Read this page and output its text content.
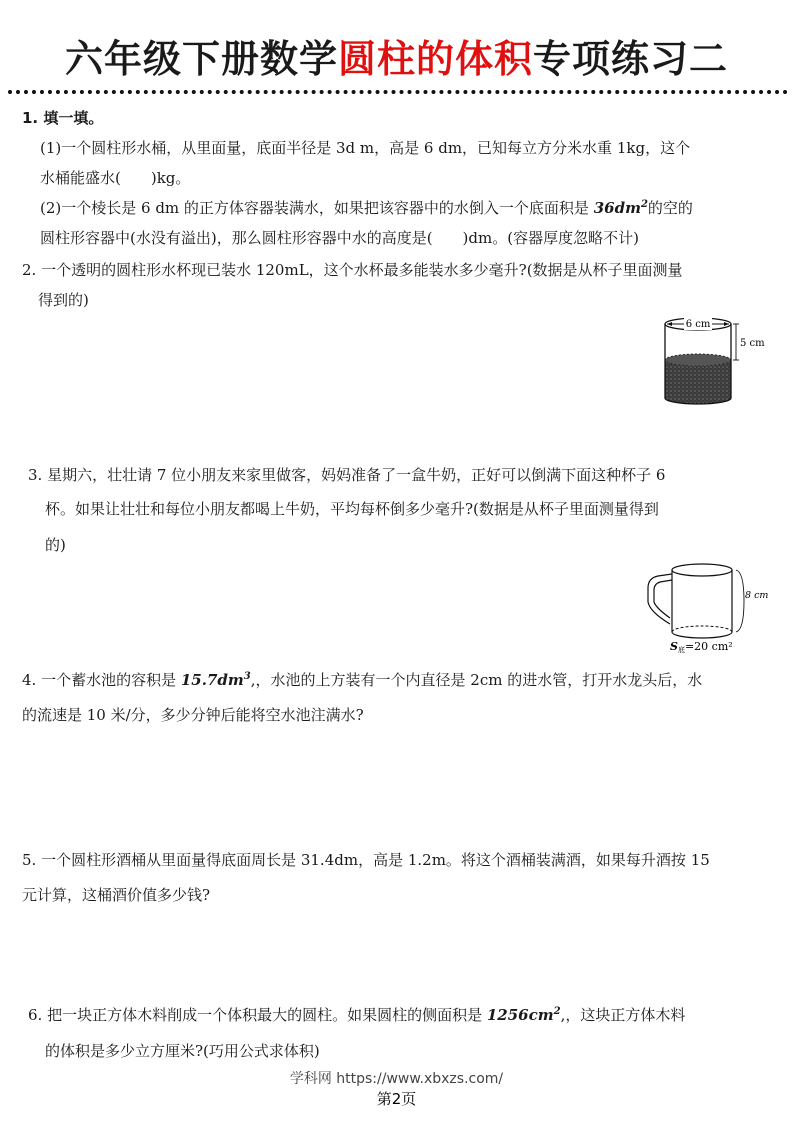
六年级下册数学圆柱的体积专项练习二
1. 填一填。
(1)一个圆柱形水桶，从里面量，底面半径是 3d m，高是 6 dm，已知每立方分米水重 1kg，这个
水桶能盛水(　　)kg。
(2)一个棱长是 6 dm 的正方体容器装满水，如果把该容器中的水倒入一个底面积是 $36dm^2$的空的
圆柱形容器中(水没有溢出)，那么圆柱形容器中水的高度是(　　)dm。(容器厚度忽略不计)
2. 一个透明的圆柱形水杯现已装水 120mL，这个水杯最多能装水多少毫升?(数据是从杯子里面测量
得到的)
6 cm
5 cm
3. 星期六，壮壮请 7 位小朋友来家里做客，妈妈准备了一盒牛奶，正好可以倒满下面这种杯子 6
杯。如果让壮壮和每位小朋友都喝上牛奶，平均每杯倒多少毫升?(数据是从杯子里面测量得到
的)
8 cm
S底=20 cm²
4. 一个蓄水池的容积是 $15.7dm^3$,，水池的上方装有一个内直径是 2cm 的进水管，打开水龙头后，水
的流速是 10 米/分，多少分钟后能将空水池注满水?
5. 一个圆柱形酒桶从里面量得底面周长是 31.4dm，高是 1.2m。将这个酒桶装满酒，如果每升酒按 15
元计算，这桶酒价值多少钱?
6. 把一块正方体木料削成一个体积最大的圆柱。如果圆柱的侧面积是 $1256cm^2$,，这块正方体木料
的体积是多少立方厘米?(巧用公式求体积)
学科网 https://www.xbxzs.com/
第2页
